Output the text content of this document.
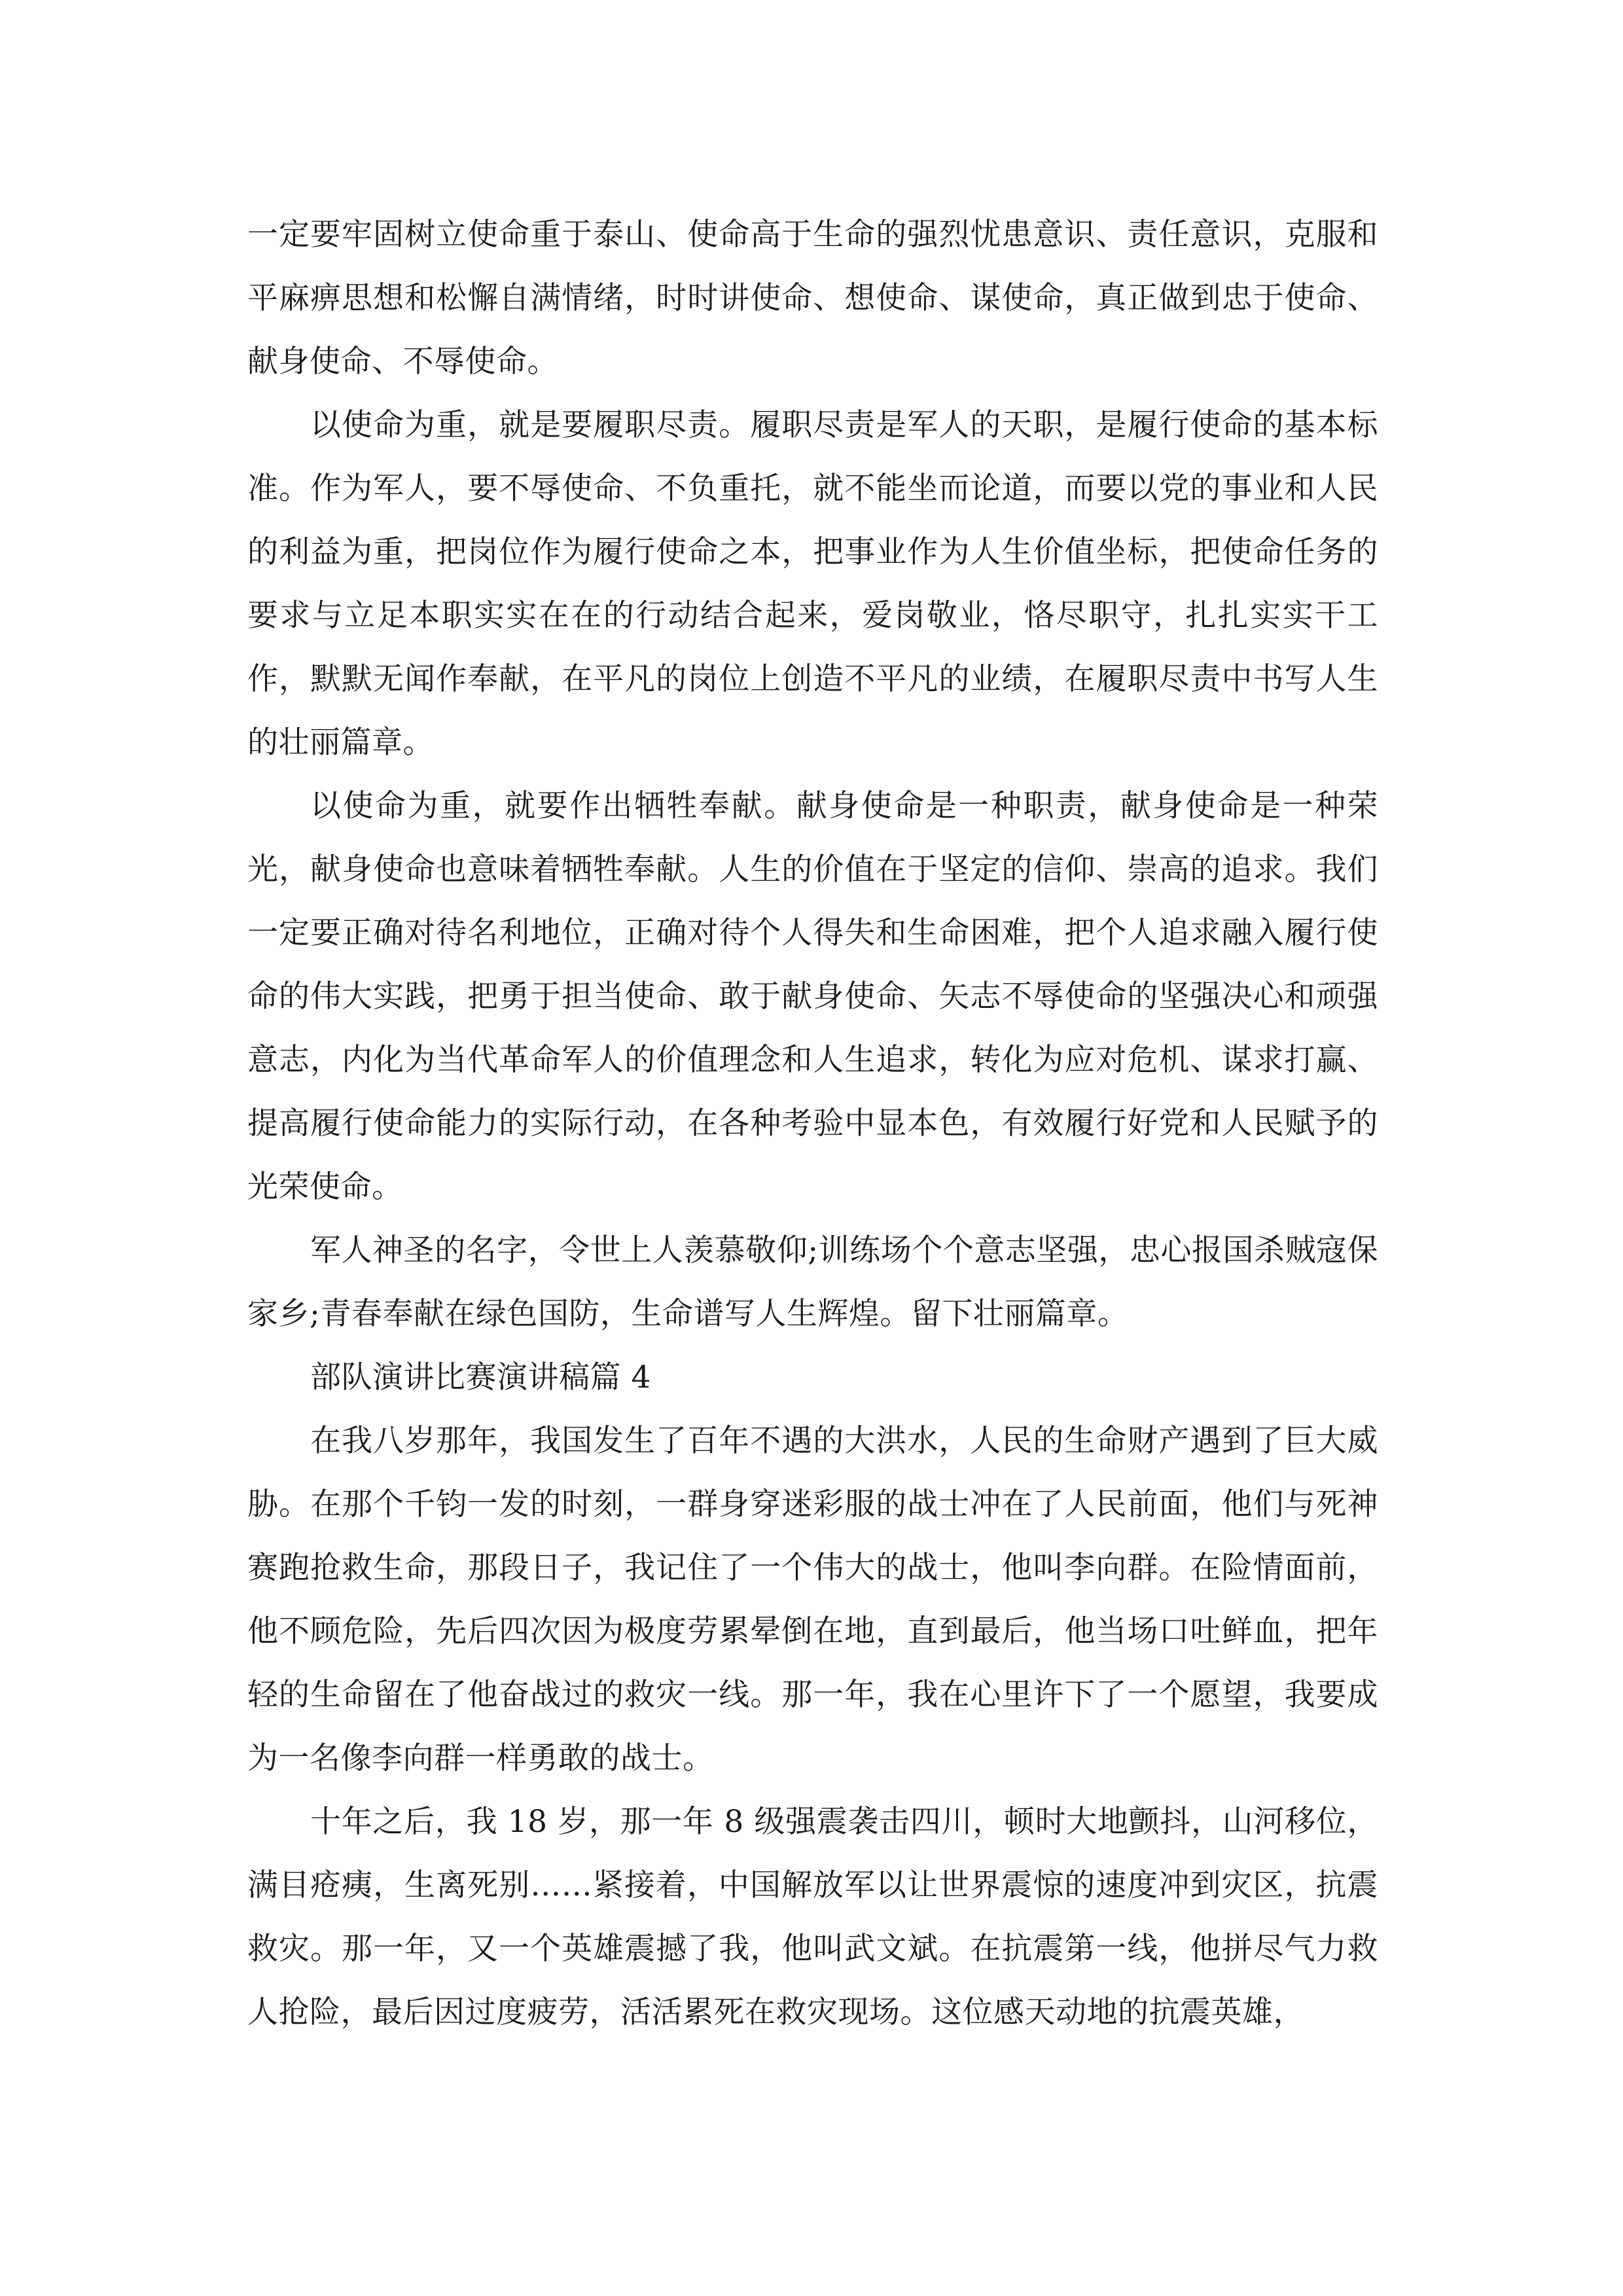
一定要牢固树立使命重于泰山、使命高于生命的强烈忧患意识、责任意识，克服和平麻痹思想和松懈自满情绪，时时讲使命、想使命、谋使命，真正做到忠于使命、献身使命、不辱使命。

以使命为重，就是要履职尽责。履职尽责是军人的天职，是履行使命的基本标准。作为军人，要不辱使命、不负重托，就不能坐而论道，而要以党的事业和人民的利益为重，把岗位作为履行使命之本，把事业作为人生价值坐标，把使命任务的要求与立足本职实实在在的行动结合起来，爱岗敬业，恪尽职守，扎扎实实干工作，默默无闻作奉献，在平凡的岗位上创造不平凡的业绩，在履职尽责中书写人生的壮丽篇章。

以使命为重，就要作出牺牲奉献。献身使命是一种职责，献身使命是一种荣光，献身使命也意味着牺牲奉献。人生的价值在于坚定的信仰、崇高的追求。我们一定要正确对待名利地位，正确对待个人得失和生命困难，把个人追求融入履行使命的伟大实践，把勇于担当使命、敢于献身使命、矢志不辱使命的坚强决心和顽强意志，内化为当代革命军人的价值理念和人生追求，转化为应对危机、谋求打赢、提高履行使命能力的实际行动，在各种考验中显本色，有效履行好党和人民赋予的光荣使命。

军人神圣的名字，令世上人羡慕敬仰;训练场个个意志坚强，忠心报国杀贼寇保家乡;青春奉献在绿色国防，生命谱写人生辉煌。留下壮丽篇章。

部队演讲比赛演讲稿篇 4

在我八岁那年，我国发生了百年不遇的大洪水，人民的生命财产遇到了巨大威胁。在那个千钧一发的时刻，一群身穿迷彩服的战士冲在了人民前面，他们与死神赛跑抢救生命，那段日子，我记住了一个伟大的战士，他叫李向群。在险情面前，他不顾危险，先后四次因为极度劳累晕倒在地，直到最后，他当场口吐鲜血，把年轻的生命留在了他奋战过的救灾一线。那一年，我在心里许下了一个愿望，我要成为一名像李向群一样勇敢的战士。

十年之后，我 18 岁，那一年 8 级强震袭击四川，顿时大地颤抖，山河移位，满目疮痍，生离死别……紧接着，中国解放军以让世界震惊的速度冲到灾区，抗震救灾。那一年，又一个英雄震撼了我，他叫武文斌。在抗震第一线，他拼尽气力救人抢险，最后因过度疲劳，活活累死在救灾现场。这位感天动地的抗震英雄，
